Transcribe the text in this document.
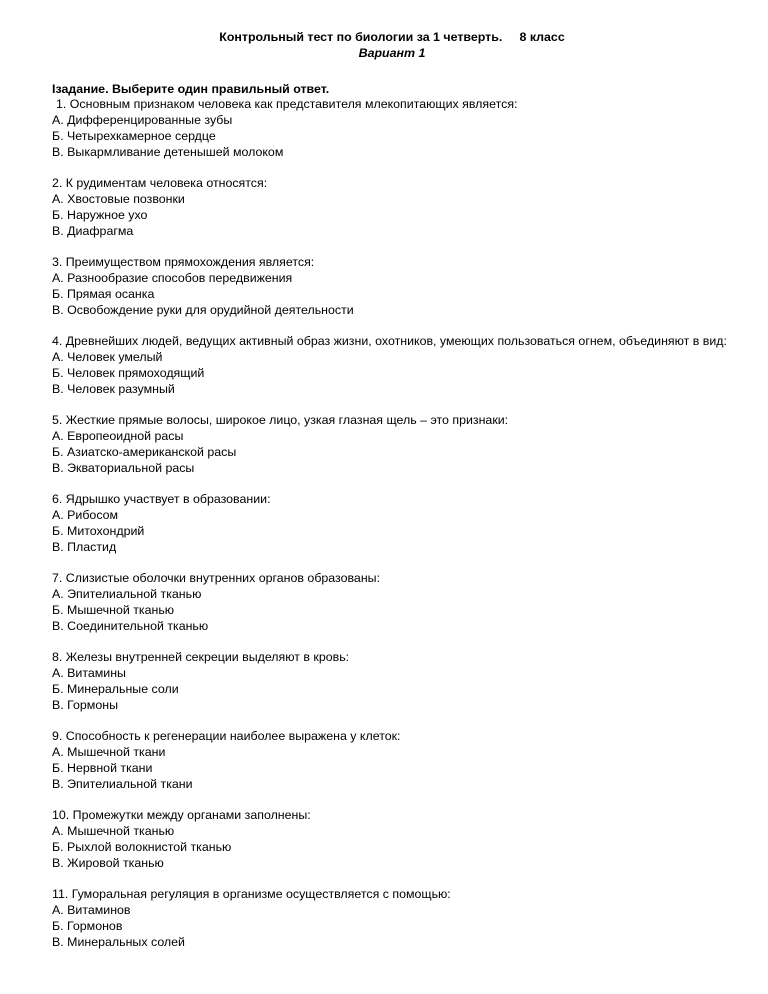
Контрольный тест по биологии за 1 четверть. 8 класс
Вариант 1
Iзадание. Выберите один правильный ответ.
1. Основным признаком человека как представителя млекопитающих является:
А. Дифференцированные зубы
Б. Четырехкамерное сердце
В. Выкармливание детенышей молоком
2. К рудиментам человека относятся:
А. Хвостовые позвонки
Б. Наружное ухо
В. Диафрагма
3. Преимуществом прямохождения является:
А. Разнообразие способов передвижения
Б. Прямая осанка
В. Освобождение руки для орудийной деятельности
4. Древнейших людей, ведущих активный образ жизни, охотников, умеющих пользоваться огнем, объединяют в вид:
А. Человек умелый
Б. Человек прямоходящий
В. Человек разумный
5. Жесткие прямые волосы, широкое лицо, узкая глазная щель – это признаки:
А. Европеоидной расы
Б. Азиатско-американской расы
В. Экваториальной расы
6. Ядрышко участвует в образовании:
А. Рибосом
Б. Митохондрий
В. Пластид
7. Слизистые оболочки внутренних органов образованы:
А. Эпителиальной тканью
Б. Мышечной тканью
В. Соединительной тканью
8. Железы внутренней секреции выделяют в кровь:
А. Витамины
Б. Минеральные соли
В. Гормоны
9. Способность к регенерации наиболее выражена у клеток:
А. Мышечной ткани
Б. Нервной ткани
В. Эпителиальной ткани
10. Промежутки между органами заполнены:
А. Мышечной тканью
Б. Рыхлой волокнистой тканью
В. Жировой тканью
11. Гуморальная регуляция в организме осуществляется с помощью:
А. Витаминов
Б. Гормонов
В. Минеральных солей
